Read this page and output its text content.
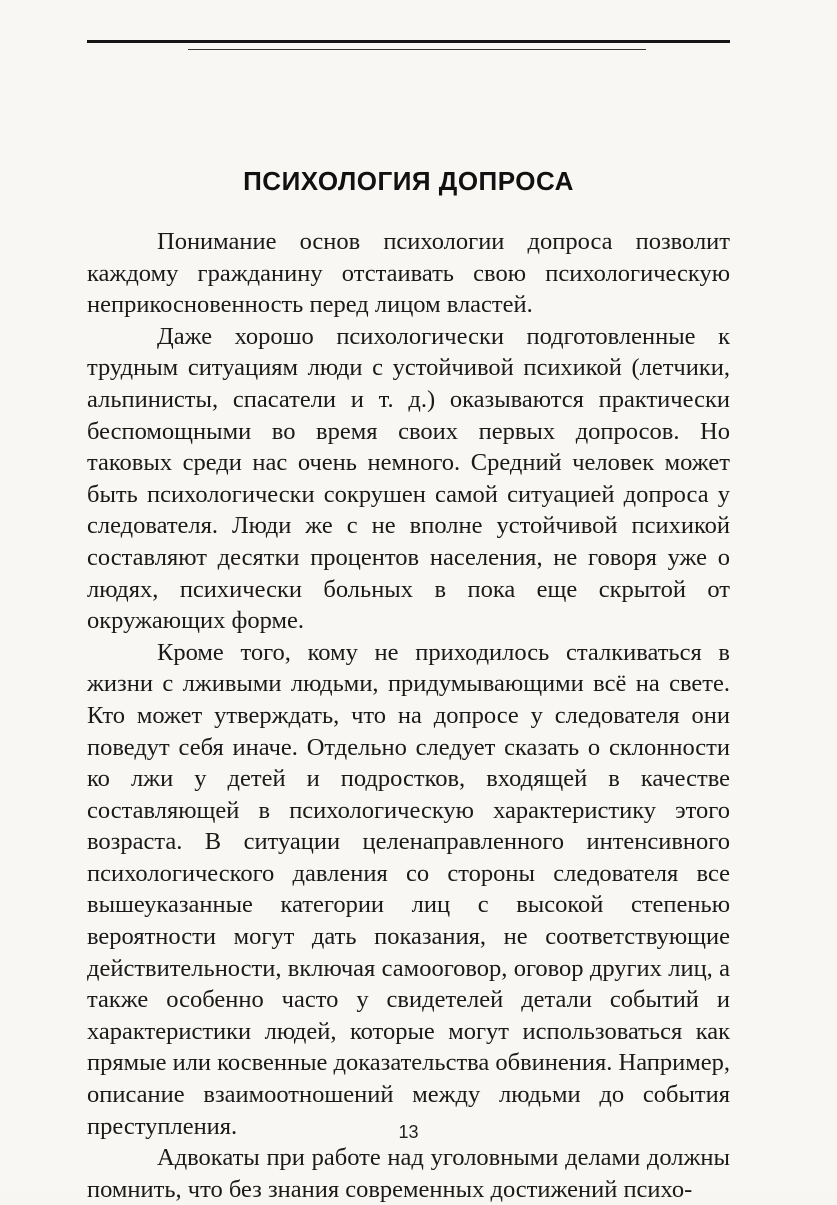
ПСИХОЛОГИЯ ДОПРОСА

Понимание основ психологии допроса позволит каждому гражданину отстаивать свою психологическую неприкосновенность перед лицом властей.

Даже хорошо психологически подготовленные к трудным ситуациям люди с устойчивой психикой (летчики, альпинисты, спасатели и т. д.) оказываются практически беспомощными во время своих первых допросов. Но таковых среди нас очень немного. Средний человек может быть психологически сокрушен самой ситуацией допроса у следователя. Люди же с не вполне устойчивой психикой составляют десятки процентов населения, не говоря уже о людях, психически больных в пока еще скрытой от окружающих форме.

Кроме того, кому не приходилось сталкиваться в жизни с лживыми людьми, придумывающими всё на свете. Кто может утверждать, что на допросе у следователя они поведут себя иначе. Отдельно следует сказать о склонности ко лжи у детей и подростков, входящей в качестве составляющей в психологическую характеристику этого возраста. В ситуации целенаправленного интенсивного психологического давления со стороны следователя все вышеуказанные категории лиц с высокой степенью вероятности могут дать показания, не соответствующие действительности, включая самооговор, оговор других лиц, а также особенно часто у свидетелей детали событий и характеристики людей, которые могут использоваться как прямые или косвенные доказательства обвинения. Например, описание взаимоотношений между людьми до события преступления.

Адвокаты при работе над уголовными делами должны помнить, что без знания современных достижений психо-

13
